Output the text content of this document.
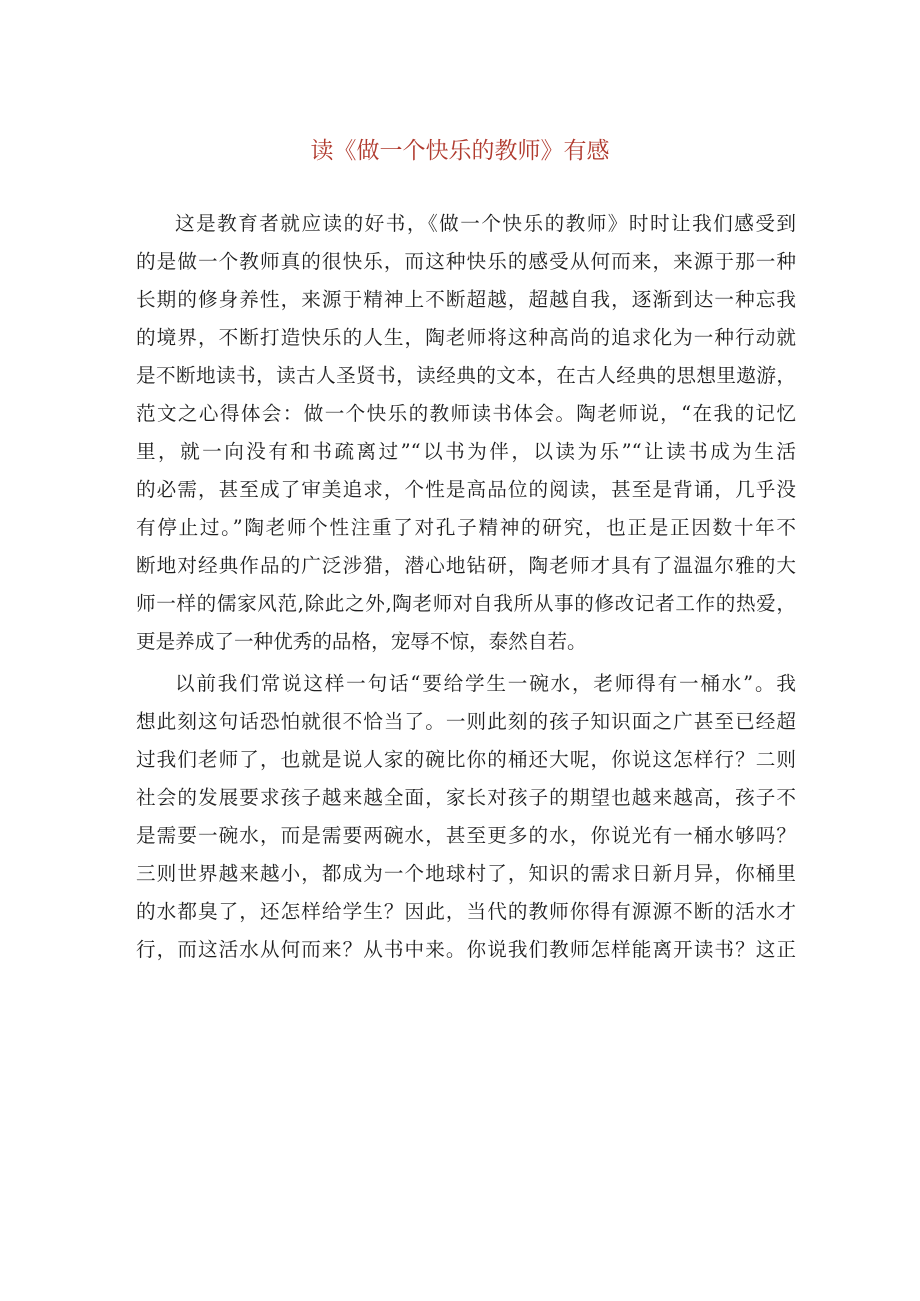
读《做一个快乐的教师》有感
这是教育者就应读的好书，《做一个快乐的教师》时时让我们感受到
的是做一个教师真的很快乐，而这种快乐的感受从何而来，来源于那一种
长期的修身养性，来源于精神上不断超越，超越自我，逐渐到达一种忘我
的境界，不断打造快乐的人生，陶老师将这种高尚的追求化为一种行动就
是不断地读书，读古人圣贤书，读经典的文本，在古人经典的思想里遨游，
范文之心得体会：做一个快乐的教师读书体会。陶老师说，“在我的记忆
里，就一向没有和书疏离过”“以书为伴，以读为乐”“让读书成为生活
的必需，甚至成了审美追求，个性是高品位的阅读，甚至是背诵，几乎没
有停止过。”陶老师个性注重了对孔子精神的研究，也正是正因数十年不
断地对经典作品的广泛涉猎，潜心地钻研，陶老师才具有了温温尔雅的大
师一样的儒家风范,除此之外,陶老师对自我所从事的修改记者工作的热爱，
更是养成了一种优秀的品格，宠辱不惊，泰然自若。
以前我们常说这样一句话“要给学生一碗水，老师得有一桶水”。我
想此刻这句话恐怕就很不恰当了。一则此刻的孩子知识面之广甚至已经超
过我们老师了，也就是说人家的碗比你的桶还大呢，你说这怎样行？二则
社会的发展要求孩子越来越全面，家长对孩子的期望也越来越高，孩子不
是需要一碗水，而是需要两碗水，甚至更多的水，你说光有一桶水够吗？
三则世界越来越小，都成为一个地球村了，知识的需求日新月异，你桶里
的水都臭了，还怎样给学生？因此，当代的教师你得有源源不断的活水才
行，而这活水从何而来？从书中来。你说我们教师怎样能离开读书？这正
